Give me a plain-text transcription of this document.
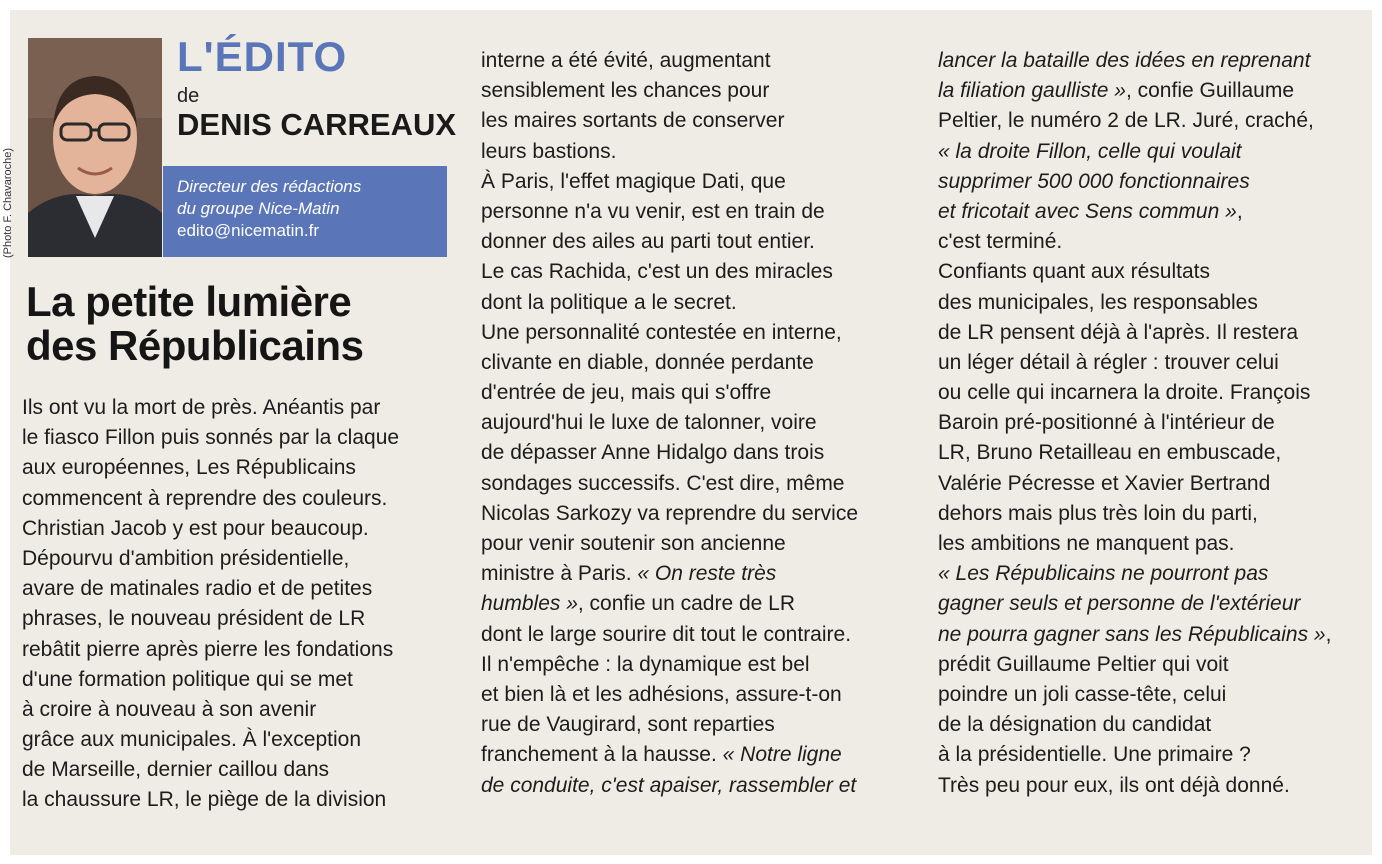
(Photo F. Chavaroche)
L'ÉDITO
de
DENIS CARREAUX
Directeur des rédactions
du groupe Nice-Matin
edito@nicematin.fr
La petite lumière
des Républicains
Ils ont vu la mort de près. Anéantis par
le fiasco Fillon puis sonnés par la claque
aux européennes, Les Républicains
commencent à reprendre des couleurs.
Christian Jacob y est pour beaucoup.
Dépourvu d'ambition présidentielle,
avare de matinales radio et de petites
phrases, le nouveau président de LR
rebâtit pierre après pierre les fondations
d'une formation politique qui se met
à croire à nouveau à son avenir
grâce aux municipales. À l'exception
de Marseille, dernier caillou dans
la chaussure LR, le piège de la division
interne a été évité, augmentant
sensiblement les chances pour
les maires sortants de conserver
leurs bastions.
À Paris, l'effet magique Dati, que
personne n'a vu venir, est en train de
donner des ailes au parti tout entier.
Le cas Rachida, c'est un des miracles
dont la politique a le secret.
Une personnalité contestée en interne,
clivante en diable, donnée perdante
d'entrée de jeu, mais qui s'offre
aujourd'hui le luxe de talonner, voire
de dépasser Anne Hidalgo dans trois
sondages successifs. C'est dire, même
Nicolas Sarkozy va reprendre du service
pour venir soutenir son ancienne
ministre à Paris. « On reste très
humbles », confie un cadre de LR
dont le large sourire dit tout le contraire.
Il n'empêche : la dynamique est bel
et bien là et les adhésions, assure-t-on
rue de Vaugirard, sont reparties
franchement à la hausse. « Notre ligne
de conduite, c'est apaiser, rassembler et
lancer la bataille des idées en reprenant
la filiation gaulliste », confie Guillaume
Peltier, le numéro 2 de LR. Juré, craché,
« la droite Fillon, celle qui voulait
supprimer 500 000 fonctionnaires
et fricotait avec Sens commun »,
c'est terminé.
Confiants quant aux résultats
des municipales, les responsables
de LR pensent déjà à l'après. Il restera
un léger détail à régler : trouver celui
ou celle qui incarnera la droite. François
Baroin pré-positionné à l'intérieur de
LR, Bruno Retailleau en embuscade,
Valérie Pécresse et Xavier Bertrand
dehors mais plus très loin du parti,
les ambitions ne manquent pas.
« Les Républicains ne pourront pas
gagner seuls et personne de l'extérieur
ne pourra gagner sans les Républicains »,
prédit Guillaume Peltier qui voit
poindre un joli casse-tête, celui
de la désignation du candidat
à la présidentielle. Une primaire ?
Très peu pour eux, ils ont déjà donné.
